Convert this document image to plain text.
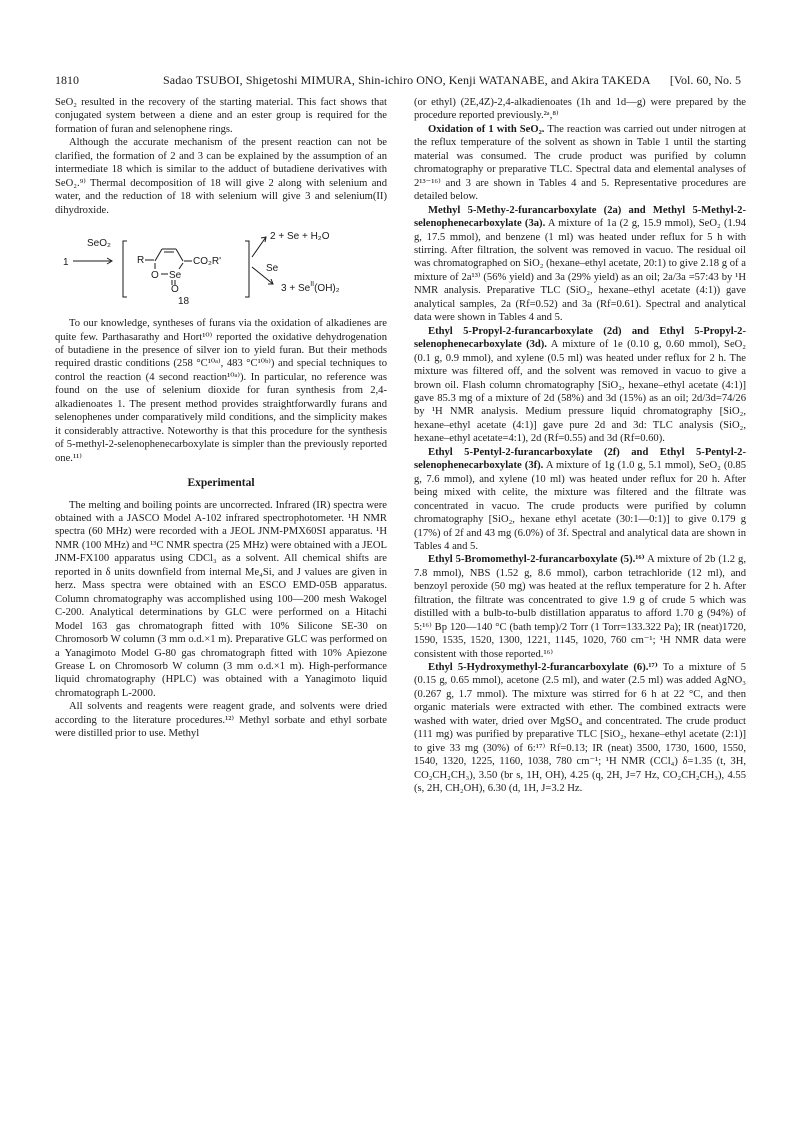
1810	Sadao TSUBOI, Shigetoshi MIMURA, Shin-ichiro ONO, Kenji WATANABE, and Akira TAKEDA [Vol. 60, No. 5

SeO₂ resulted in the recovery of the starting material. This fact shows that conjugated system between a diene and an ester group is required for the formation of furan and selenophene rings.

Although the accurate mechanism of the present reaction can not be clarified, the formation of 2 and 3 can be explained by the assumption of an intermediate 18 which is similar to the adduct of butadiene derivatives with SeO₂.⁹⁾ Thermal decomposition of 18 will give 2 along with selenium and water, and the reduction of 18 with selenium will give 3 and selenium(II) dihydroxide.

SeO₂
1	R	CO₂R'
O Se
O
18
2 + Se + H₂O
Se
$3 + Se^{II}(OH)_2$

To our knowledge, syntheses of furans via the oxidation of alkadienes are quite few. Parthasarathy and Hort¹⁰⁾ reported the oxidative dehydrogenation of butadiene in the presence of silver ion to yield furan. But their methods required drastic conditions (258 °C¹⁰ᵃ⁾, 483 °C¹⁰ᵇ⁾) and special techniques to control the reaction (4 second reaction¹⁰ᵃ⁾). In particular, no reference was found on the use of selenium dioxide for furan synthesis from 2,4-alkadienoates 1. The present method provides straightforwardly furans and selenophenes under comparatively mild conditions, and the simplicity makes it considerably attractive. Noteworthy is that this procedure for the synthesis of 5-methyl-2-selenophenecarboxylate is simpler than the previously reported one.¹¹⁾

Experimental

The melting and boiling points are uncorrected. Infrared (IR) spectra were obtained with a JASCO Model A-102 infrared spectrophotometer. ¹H NMR spectra (60 MHz) were recorded with a JEOL JNM-PMX60SI apparatus. ¹H NMR (100 MHz) and ¹³C NMR spectra (25 MHz) were obtained with a JEOL JNM-FX100 apparatus using CDCl₃ as a solvent. All chemical shifts are reported in δ units downfield from internal Me₄Si, and J values are given in herz. Mass spectra were obtained with an ESCO EMD-05B apparatus. Column chromatography was accomplished using 100—200 mesh Wakogel C-200. Analytical determinations by GLC were performed on a Hitachi Model 163 gas chromatograph fitted with 10% Silicone SE-30 on Chromosorb W column (3 mm o.d.×1 m). Preparative GLC was performed on a Yanagimoto Model G-80 gas chromatograph fitted with 10% Apiezone Grease L on Chromosorb W column (3 mm o.d.×1 m). High-performance liquid chromatography (HPLC) was obtained with a Yanagimoto liquid chromatograph L-2000.

All solvents and reagents were reagent grade, and solvents were dried according to the literature procedures.¹²⁾ Methyl sorbate and ethyl sorbate were distilled prior to use. Methyl

(or ethyl) (2E,4Z)-2,4-alkadienoates (1h and 1d—g) were prepared by the procedure reported previously.²ᵃ,⁸⁾

Oxidation of 1 with SeO₂. The reaction was carried out under nitrogen at the reflux temperature of the solvent as shown in Table 1 until the starting material was consumed. The crude product was purified by column chromatography or preparative TLC. Spectral data and elemental analyses of 2¹³⁻¹⁶⁾ and 3 are shown in Tables 4 and 5. Representative procedures are detailed below.

Methyl 5-Methy-2-furancarboxylate (2a) and Methyl 5-Methyl-2-selenophenecarboxylate (3a). A mixture of 1a (2 g, 15.9 mmol), SeO₂ (1.94 g, 17.5 mmol), and benzene (1 ml) was heated under reflux for 5 h with stirring. After filtration, the solvent was removed in vacuo. The residual oil was chromatographed on SiO₂ (hexane–ethyl acetate, 20:1) to give 2.18 g of a mixture of 2a¹³⁾ (56% yield) and 3a (29% yield) as an oil; 2a/3a =57:43 by ¹H NMR analysis. Preparative TLC (SiO₂, hexane–ethyl acetate (4:1)) gave analytical samples, 2a (Rf=0.52) and 3a (Rf=0.61). Spectral and analytical data were shown in Tables 4 and 5.

Ethyl 5-Propyl-2-furancarboxylate (2d) and Ethyl 5-Propyl-2-selenophenecarboxylate (3d). A mixture of 1e (0.10 g, 0.60 mmol), SeO₂ (0.1 g, 0.9 mmol), and xylene (0.5 ml) was heated under reflux for 2 h. The mixture was filtered off, and the solvent was removed in vacuo to give a brown oil. Flash column chromatography [SiO₂, hexane–ethyl acetate (4:1)] gave 85.3 mg of a mixture of 2d (58%) and 3d (15%) as an oil; 2d/3d=74/26 by ¹H NMR analysis. Medium pressure liquid chromatography [SiO₂, hexane–ethyl acetate (4:1)] gave pure 2d and 3d: TLC analysis (SiO₂, hexane–ethyl acetate=4:1), 2d (Rf=0.55) and 3d (Rf=0.60).

Ethyl 5-Pentyl-2-furancarboxylate (2f) and Ethyl 5-Pentyl-2-selenophenecarboxylate (3f). A mixture of 1g (1.0 g, 5.1 mmol), SeO₂ (0.85 g, 7.6 mmol), and xylene (10 ml) was heated under reflux for 20 h. After being mixed with celite, the mixture was filtered and the filtrate was concentrated in vacuo. The crude products were purified by column chromatography [SiO₂, hexane ethyl acetate (30:1—0:1)] to give 0.179 g (17%) of 2f and 43 mg (6.0%) of 3f. Spectral and analytical data are shown in Tables 4 and 5.

Ethyl 5-Bromomethyl-2-furancarboxylate (5).¹⁶⁾ A mixture of 2b (1.2 g, 7.8 mmol), NBS (1.52 g, 8.6 mmol), carbon tetrachloride (12 ml), and benzoyl peroxide (50 mg) was heated at the reflux temperature for 2 h. After filtration, the filtrate was concentrated to give 1.9 g of crude 5 which was distilled with a bulb-to-bulb distillation apparatus to afford 1.70 g (94%) of 5:¹⁶⁾ Bp 120—140 °C (bath temp)/2 Torr (1 Torr=133.322 Pa); IR (neat)1720, 1590, 1535, 1520, 1300, 1221, 1145, 1020, 760 cm⁻¹; ¹H NMR data were consistent with those reported.¹⁶⁾

Ethyl 5-Hydroxymethyl-2-furancarboxylate (6).¹⁷⁾ To a mixture of 5 (0.15 g, 0.65 mmol), acetone (2.5 ml), and water (2.5 ml) was added AgNO₃ (0.267 g, 1.7 mmol). The mixture was stirred for 6 h at 22 °C, and then organic materials were extracted with ether. The combined extracts were washed with water, dried over MgSO₄ and concentrated. The crude product (111 mg) was purified by preparative TLC [SiO₂, hexane–ethyl acetate (2:1)] to give 33 mg (30%) of 6:¹⁷⁾ Rf=0.13; IR (neat) 3500, 1730, 1600, 1550, 1540, 1320, 1225, 1160, 1038, 780 cm⁻¹; ¹H NMR (CCl₄) δ=1.35 (t, 3H, CO₂CH₂CH₃), 3.50 (br s, 1H, OH), 4.25 (q, 2H, J=7 Hz, CO₂CH₂CH₃), 4.55 (s, 2H, CH₂OH), 6.30 (d, 1H, J=3.2 Hz.
